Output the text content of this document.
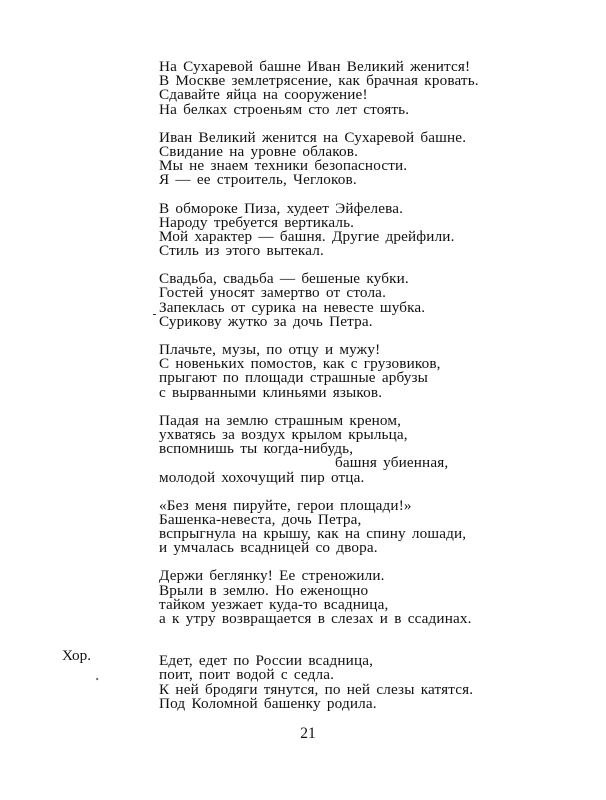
На Сухаревой башне Иван Великий женится!
В Москве землетрясение, как брачная кровать.
Сдавайте яйца на сооружение!
На белках строеньям сто лет стоять.
Иван Великий женится на Сухаревой башне.
Свидание на уровне облаков.
Мы не знаем техники безопасности.
Я — ее строитель, Чеглоков.
В обмороке Пиза, худеет Эйфелева.
Народу требуется вертикаль.
Мой характер — башня. Другие дрейфили.
Стиль из этого вытекал.
Свадьба, свадьба — бешеные кубки.
Гостей уносят замертво от стола.
Запеклась от сурика на невесте шубка.
Сурикову жутко за дочь Петра.
Плачьте, музы, по отцу и мужу!
С новеньких помостов, как с грузовиков,
прыгают по площади страшные арбузы
с вырванными клиньями языков.
Падая на землю страшным креном,
ухватясь за воздух крылом крыльца,
вспомнишь ты когда-нибудь,
башня убиенная,
молодой хохочущий пир отца.
«Без меня пируйте, герои площади!»
Башенка-невеста, дочь Петра,
вспрыгнула на крышу, как на спину лошади,
и умчалась всадницей со двора.
Держи беглянку! Ее стреножили.
Врыли в землю. Но еженощно
тайком уезжает куда-то всадница,
а к утру возвращается в слезах и в ссадинах.
Едет, едет по России всадница,
поит, поит водой с седла.
К ней бродяги тянутся, по ней слезы катятся.
Под Коломной башенку родила.
Хор.
21
